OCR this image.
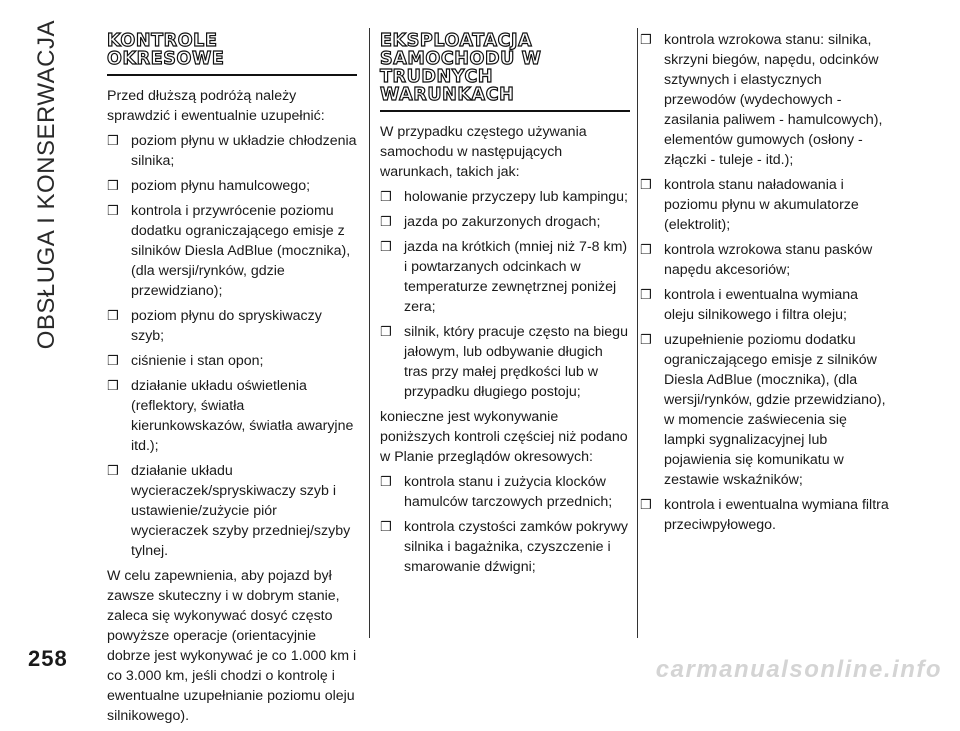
OBSŁUGA I KONSERWACJA	KONTROLE
OKRESOWE

Przed dłuższą podróżą należy sprawdzić i ewentualnie uzupełnić:

❒ poziom płynu w układzie chłodzenia silnika;
❒ poziom płynu hamulcowego;
❒ kontrola i przywrócenie poziomu dodatku ograniczającego emisje z silników Diesla AdBlue (mocznika), (dla wersji/rynków, gdzie przewidziano);
❒ poziom płynu do spryskiwaczy szyb;
❒ ciśnienie i stan opon;
❒ działanie układu oświetlenia (reflektory, światła kierunkowskazów, światła awaryjne itd.);
❒ działanie układu wycieraczek/spryskiwaczy szyb i ustawienie/zużycie piór wycieraczek szyby przedniej/szyby tylnej.

W celu zapewnienia, aby pojazd był zawsze skuteczny i w dobrym stanie, zaleca się wykonywać dosyć często powyższe operacje (orientacyjnie dobrze jest wykonywać je co 1.000 km i co 3.000 km, jeśli chodzi o kontrolę i ewentualne uzupełnianie poziomu oleju silnikowego).

EKSPLOATACJA
SAMOCHODU W
TRUDNYCH
WARUNKACH

W przypadku częstego używania samochodu w następujących warunkach, takich jak:

❒ holowanie przyczepy lub kampingu;
❒ jazda po zakurzonych drogach;
❒ jazda na krótkich (mniej niż 7-8 km) i powtarzanych odcinkach w temperaturze zewnętrznej poniżej zera;
❒ silnik, który pracuje często na biegu jałowym, lub odbywanie długich tras przy małej prędkości lub w przypadku długiego postoju;

konieczne jest wykonywanie poniższych kontroli częściej niż podano w Planie przeglądów okresowych:

❒ kontrola stanu i zużycia klocków hamulców tarczowych przednich;
❒ kontrola czystości zamków pokrywy silnika i bagażnika, czyszczenie i smarowanie dźwigni;
❒ kontrola wzrokowa stanu: silnika, skrzyni biegów, napędu, odcinków sztywnych i elastycznych przewodów (wydechowych - zasilania paliwem - hamulcowych), elementów gumowych (osłony - złączki - tuleje - itd.);
❒ kontrola stanu naładowania i poziomu płynu w akumulatorze (elektrolit);
❒ kontrola wzrokowa stanu pasków napędu akcesoriów;
❒ kontrola i ewentualna wymiana oleju silnikowego i filtra oleju;
❒ uzupełnienie poziomu dodatku ograniczającego emisje z silników Diesla AdBlue (mocznika), (dla wersji/rynków, gdzie przewidziano), w momencie zaświecenia się lampki sygnalizacyjnej lub pojawienia się komunikatu w zestawie wskaźników;
❒ kontrola i ewentualna wymiana filtra przeciwpyłowego.
258	carmanualsonline.info
